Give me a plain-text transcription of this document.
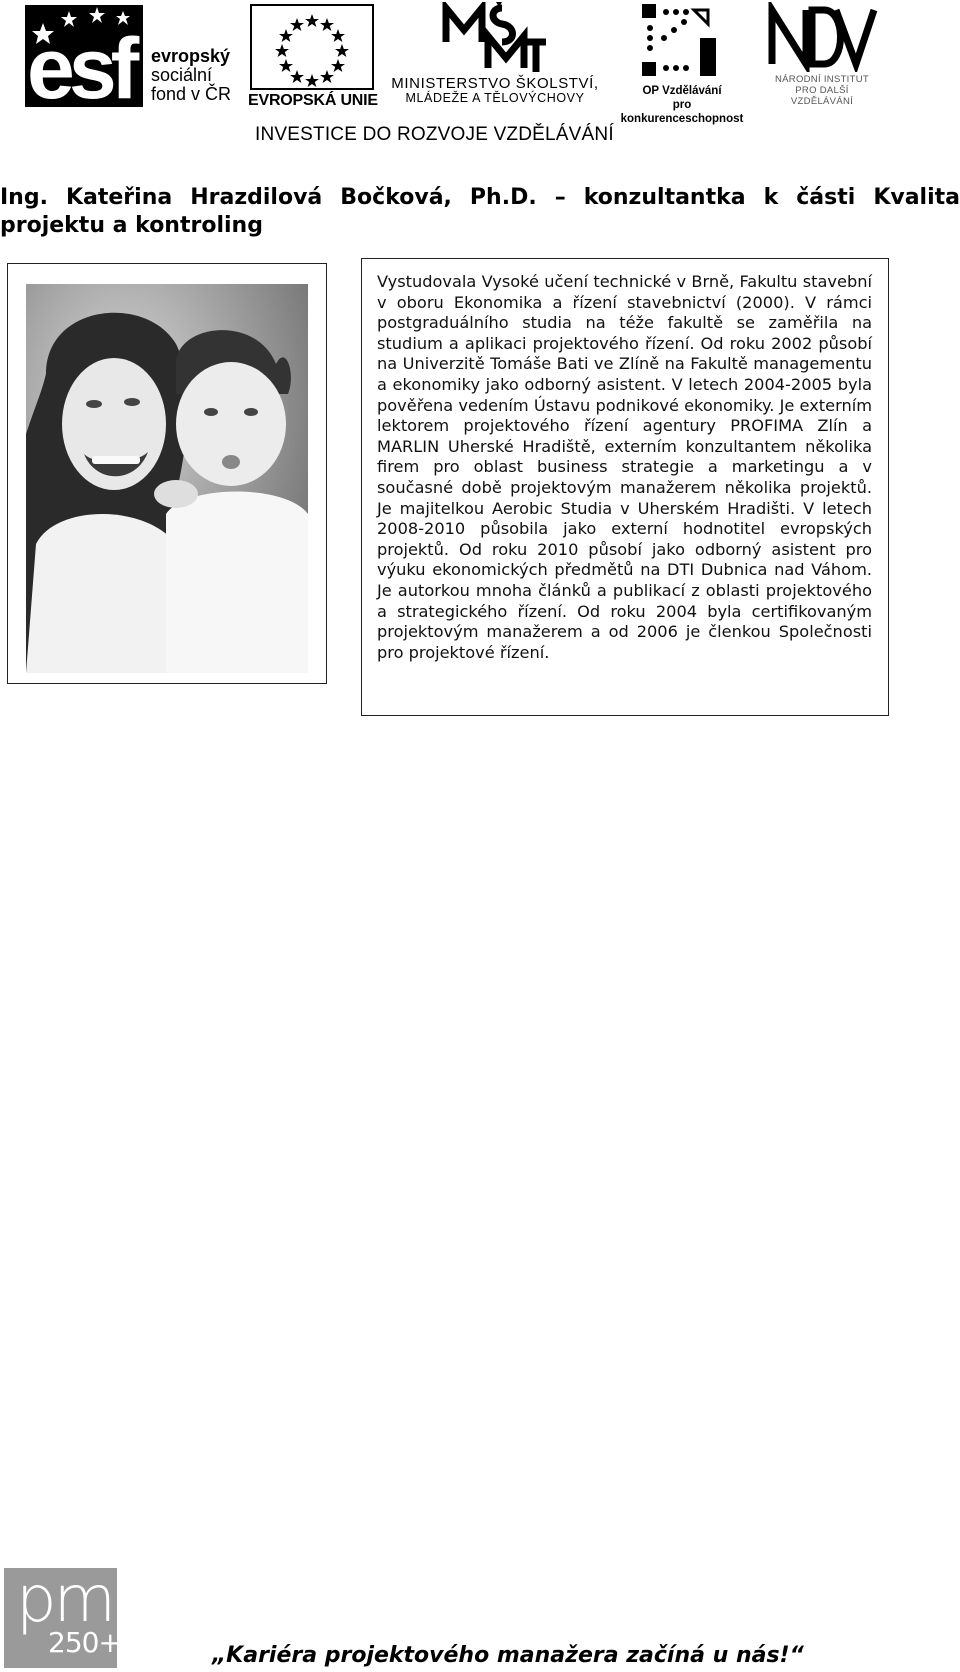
esf evropský
sociální
fond v ČR EVROPSKÁ UNIE
MINISTERSTVO ŠKOLSTVÍ,
MLÁDEŽE A TĚLOVÝCHOVY	OP Vzdělávání
pro konkurenceschopnost
NÁRODNÍ INSTITUT
PRO DALŠÍ
VZDĚLÁVÁNÍ
INVESTICE DO ROZVOJE VZDĚLÁVÁNÍ
Ing. Kateřina Hrazdilová Bočková, Ph.D. – konzultantka k části Kvalita projektu a kontroling
Vystudovala Vysoké učení technické v Brně, Fakultu stavební v oboru Ekonomika a řízení stavebnictví (2000). V rámci postgraduálního studia na téže fakultě se zaměřila na studium a aplikaci projektového řízení. Od roku 2002 působí na Univerzitě Tomáše Bati ve Zlíně na Fakultě managementu a ekonomiky jako odborný asistent. V letech 2004-2005 byla pověřena vedením Ústavu podnikové ekonomiky. Je externím lektorem projektového řízení agentury PROFIMA Zlín a MARLIN Uherské Hradiště, externím konzultantem několika firem pro oblast business strategie a marketingu a v současné době projektovým manažerem několika projektů. Je majitelkou Aerobic Studia v Uherském Hradišti. V letech 2008-2010 působila jako externí hodnotitel evropských projektů. Od roku 2010 působí jako odborný asistent pro výuku ekonomických předmětů na DTI Dubnica nad Váhom. Je autorkou mnoha článků a publikací z oblasti projektového a strategického řízení. Od roku 2004 byla certifikovaným projektovým manažerem a od 2006 je členkou Společnosti pro projektové řízení.
pm
250+	„Kariéra projektového manažera začíná u nás!“
